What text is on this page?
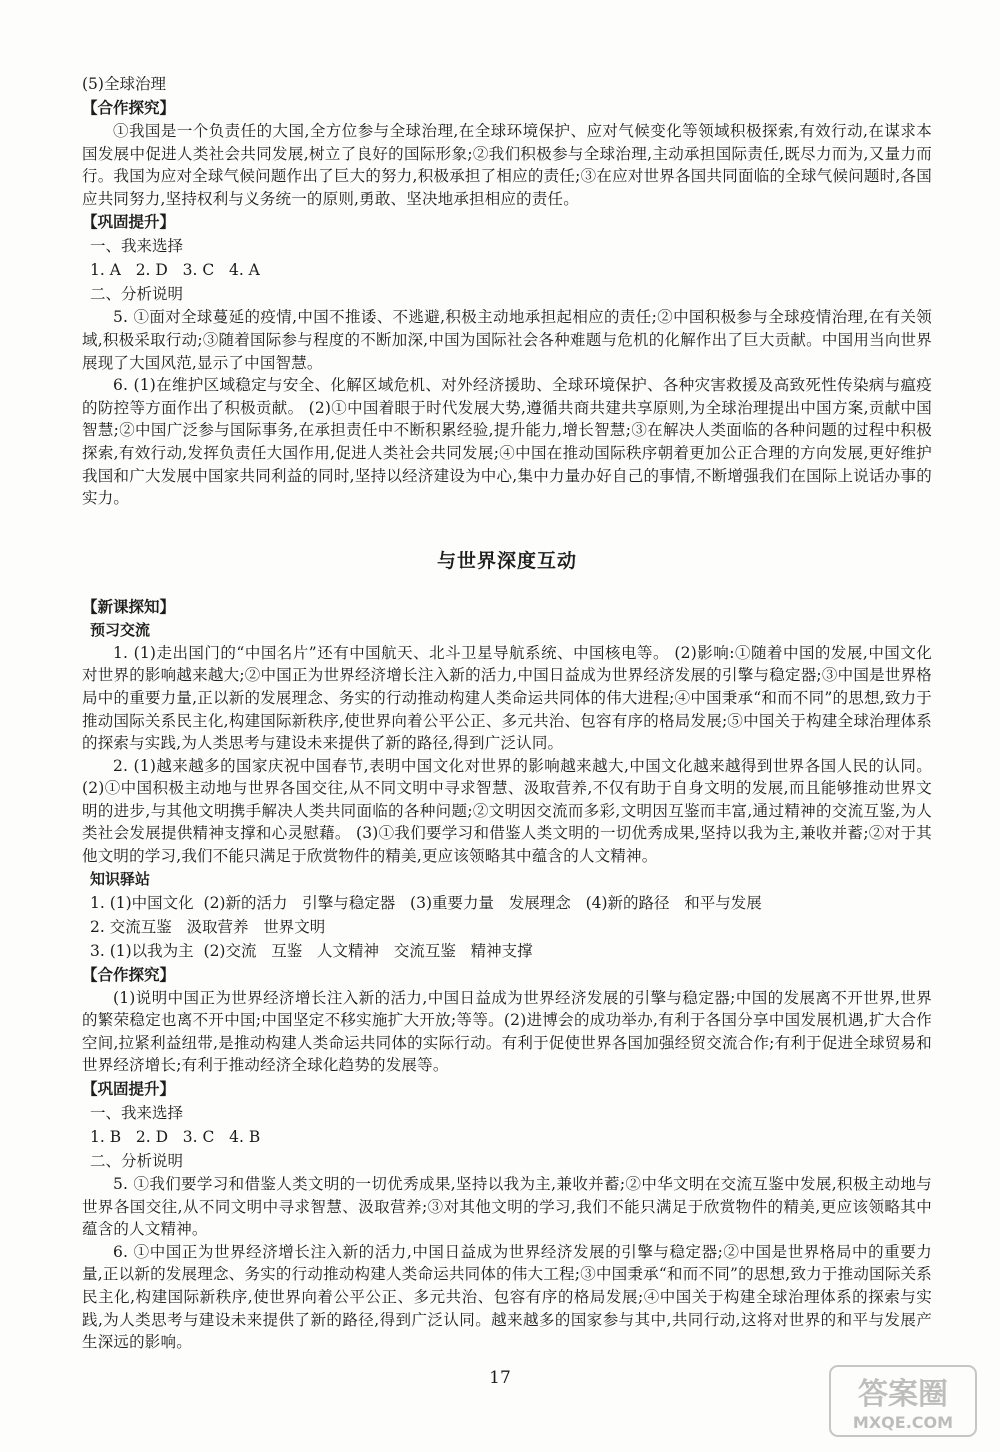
(5)全球治理

【合作探究】

①我国是一个负责任的大国,全方位参与全球治理,在全球环境保护、应对气候变化等领域积极探索,有效行动,在谋求本国发展中促进人类社会共同发展,树立了良好的国际形象;②我们积极参与全球治理,主动承担国际责任,既尽力而为,又量力而行。我国为应对全球气候问题作出了巨大的努力,积极承担了相应的责任;③在应对世界各国共同面临的全球气候问题时,各国应共同努力,坚持权利与义务统一的原则,勇敢、坚决地承担相应的责任。

【巩固提升】

一、我来选择

1. A   2. D   3. C   4. A

二、分析说明

5. ①面对全球蔓延的疫情,中国不推诿、不逃避,积极主动地承担起相应的责任;②中国积极参与全球疫情治理,在有关领域,积极采取行动;③随着国际参与程度的不断加深,中国为国际社会各种难题与危机的化解作出了巨大贡献。中国用当向世界展现了大国风范,显示了中国智慧。

6. (1)在维护区域稳定与安全、化解区域危机、对外经济援助、全球环境保护、各种灾害救援及高致死性传染病与瘟疫的防控等方面作出了积极贡献。 (2)①中国着眼于时代发展大势,遵循共商共建共享原则,为全球治理提出中国方案,贡献中国智慧;②中国广泛参与国际事务,在承担责任中不断积累经验,提升能力,增长智慧;③在解决人类面临的各种问题的过程中积极探索,有效行动,发挥负责任大国作用,促进人类社会共同发展;④中国在推动国际秩序朝着更加公正合理的方向发展,更好维护我国和广大发展中国家共同利益的同时,坚持以经济建设为中心,集中力量办好自己的事情,不断增强我们在国际上说话办事的实力。

与世界深度互动

【新课探知】

预习交流

1. (1)走出国门的“中国名片”还有中国航天、北斗卫星导航系统、中国核电等。 (2)影响:①随着中国的发展,中国文化对世界的影响越来越大;②中国正为世界经济增长注入新的活力,中国日益成为世界经济发展的引擎与稳定器;③中国是世界格局中的重要力量,正以新的发展理念、务实的行动推动构建人类命运共同体的伟大进程;④中国秉承“和而不同”的思想,致力于推动国际关系民主化,构建国际新秩序,使世界向着公平公正、多元共治、包容有序的格局发展;⑤中国关于构建全球治理体系的探索与实践,为人类思考与建设未来提供了新的路径,得到广泛认同。

2. (1)越来越多的国家庆祝中国春节,表明中国文化对世界的影响越来越大,中国文化越来越得到世界各国人民的认同。 (2)①中国积极主动地与世界各国交往,从不同文明中寻求智慧、汲取营养,不仅有助于自身文明的发展,而且能够推动世界文明的进步,与其他文明携手解决人类共同面临的各种问题;②文明因交流而多彩,文明因互鉴而丰富,通过精神的交流互鉴,为人类社会发展提供精神支撑和心灵慰藉。 (3)①我们要学习和借鉴人类文明的一切优秀成果,坚持以我为主,兼收并蓄;②对于其他文明的学习,我们不能只满足于欣赏物件的精美,更应该领略其中蕴含的人文精神。

知识驿站

1. (1)中国文化  (2)新的活力   引擎与稳定器   (3)重要力量   发展理念   (4)新的路径   和平与发展

2. 交流互鉴   汲取营养   世界文明

3. (1)以我为主  (2)交流   互鉴   人文精神   交流互鉴   精神支撑

【合作探究】

(1)说明中国正为世界经济增长注入新的活力,中国日益成为世界经济发展的引擎与稳定器;中国的发展离不开世界,世界的繁荣稳定也离不开中国;中国坚定不移实施扩大开放;等等。(2)进博会的成功举办,有利于各国分享中国发展机遇,扩大合作空间,拉紧利益纽带,是推动构建人类命运共同体的实际行动。有利于促使世界各国加强经贸交流合作;有利于促进全球贸易和世界经济增长;有利于推动经济全球化趋势的发展等。

【巩固提升】

一、我来选择

1. B   2. D   3. C   4. B

二、分析说明

5. ①我们要学习和借鉴人类文明的一切优秀成果,坚持以我为主,兼收并蓄;②中华文明在交流互鉴中发展,积极主动地与世界各国交往,从不同文明中寻求智慧、汲取营养;③对其他文明的学习,我们不能只满足于欣赏物件的精美,更应该领略其中蕴含的人文精神。

6. ①中国正为世界经济增长注入新的活力,中国日益成为世界经济发展的引擎与稳定器;②中国是世界格局中的重要力量,正以新的发展理念、务实的行动推动构建人类命运共同体的伟大工程;③中国秉承“和而不同”的思想,致力于推动国际关系民主化,构建国际新秩序,使世界向着公平公正、多元共治、包容有序的格局发展;④中国关于构建全球治理体系的探索与实践,为人类思考与建设未来提供了新的路径,得到广泛认同。越来越多的国家参与其中,共同行动,这将对世界的和平与发展产生深远的影响。

17	答案圈
MXQE.COM
